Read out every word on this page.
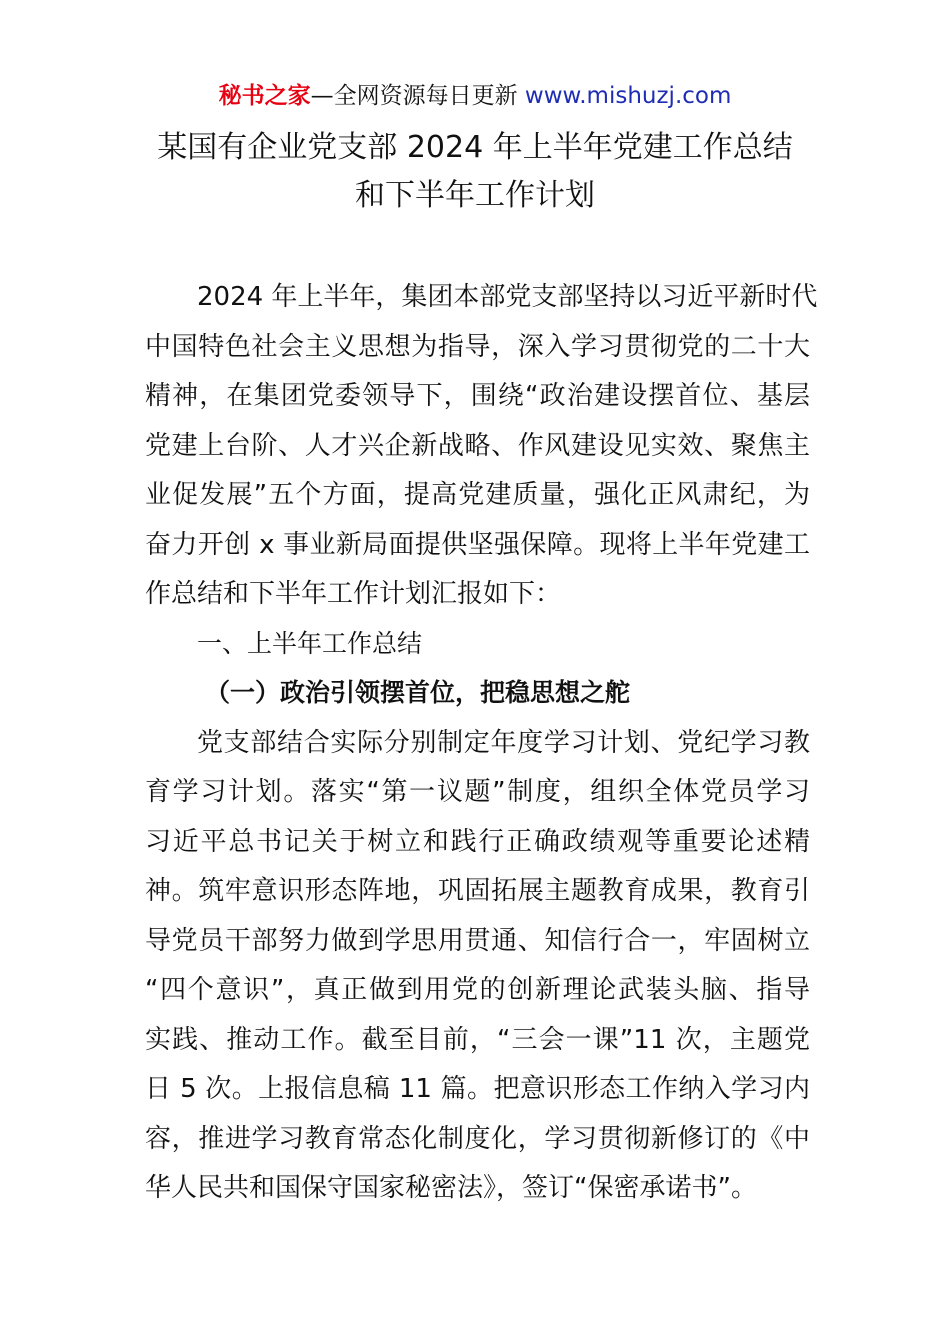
秘书之家—全网资源每日更新 www.mishuzj.com
某国有企业党支部 2024 年上半年党建工作总结
和下半年工作计划
2024 年上半年，集团本部党支部坚持以习近平新时代
中国特色社会主义思想为指导，深入学习贯彻党的二十大
精神，在集团党委领导下，围绕“政治建设摆首位、基层
党建上台阶、人才兴企新战略、作风建设见实效、聚焦主
业促发展”五个方面，提高党建质量，强化正风肃纪，为
奋力开创 x 事业新局面提供坚强保障。现将上半年党建工
作总结和下半年工作计划汇报如下：
一、上半年工作总结
（一）政治引领摆首位，把稳思想之舵
党支部结合实际分别制定年度学习计划、党纪学习教
育学习计划。落实“第一议题”制度，组织全体党员学习
习近平总书记关于树立和践行正确政绩观等重要论述精
神。筑牢意识形态阵地，巩固拓展主题教育成果，教育引
导党员干部努力做到学思用贯通、知信行合一，牢固树立
“四个意识”，真正做到用党的创新理论武装头脑、指导
实践、推动工作。截至目前，“三会一课”11 次，主题党
日 5 次。上报信息稿 11 篇。把意识形态工作纳入学习内
容，推进学习教育常态化制度化，学习贯彻新修订的《中
华人民共和国保守国家秘密法》，签订“保密承诺书”。
